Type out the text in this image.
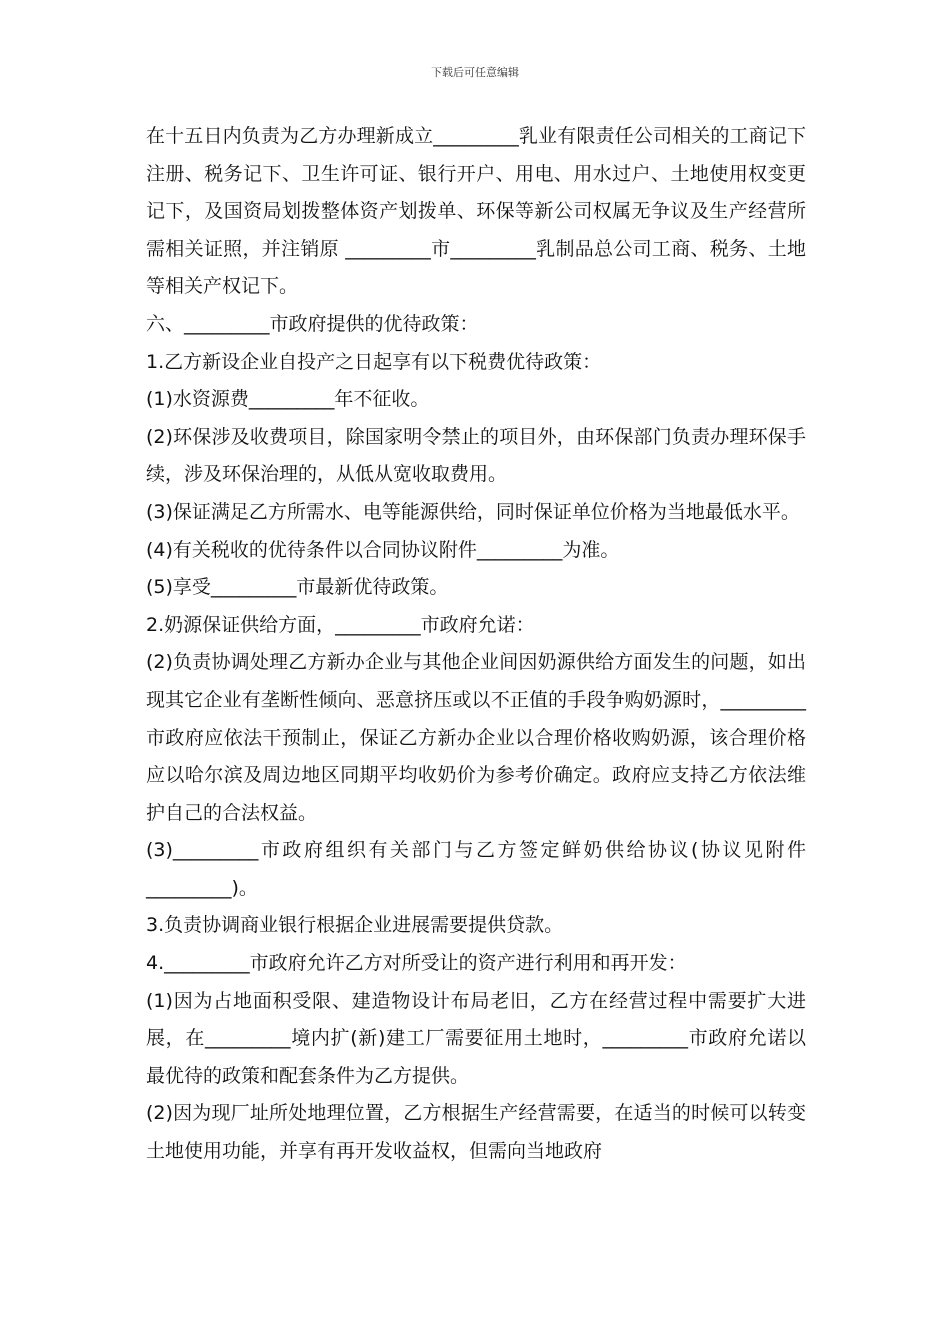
下载后可任意编辑

在十五日内负责为乙方办理新成立_________乳业有限责任公司相关的工商记下注册、税务记下、卫生许可证、银行开户、用电、用水过户、土地使用权变更记下，及国资局划拨整体资产划拨单、环保等新公司权属无争议及生产经营所需相关证照，并注销原 _________市_________乳制品总公司工商、税务、土地等相关产权记下。

六、_________市政府提供的优待政策：

1.乙方新设企业自投产之日起享有以下税费优待政策：

(1)水资源费_________年不征收。

(2)环保涉及收费项目，除国家明令禁止的项目外，由环保部门负责办理环保手续，涉及环保治理的，从低从宽收取费用。

(3)保证满足乙方所需水、电等能源供给，同时保证单位价格为当地最低水平。

(4)有关税收的优待条件以合同协议附件_________为准。

(5)享受_________市最新优待政策。

2.奶源保证供给方面，_________市政府允诺：

(2)负责协调处理乙方新办企业与其他企业间因奶源供给方面发生的问题，如出现其它企业有垄断性倾向、恶意挤压或以不正值的手段争购奶源时，_________市政府应依法干预制止，保证乙方新办企业以合理价格收购奶源，该合理价格应以哈尔滨及周边地区同期平均收奶价为参考价确定。政府应支持乙方依法维护自己的合法权益。

(3)_________市政府组织有关部门与乙方签定鲜奶供给协议(协议见附件_________)。

3.负责协调商业银行根据企业进展需要提供贷款。

4._________市政府允许乙方对所受让的资产进行利用和再开发：

(1)因为占地面积受限、建造物设计布局老旧，乙方在经营过程中需要扩大进展，在_________境内扩(新)建工厂需要征用土地时，_________市政府允诺以最优待的政策和配套条件为乙方提供。

(2)因为现厂址所处地理位置，乙方根据生产经营需要，在适当的时候可以转变土地使用功能，并享有再开发收益权，但需向当地政府
